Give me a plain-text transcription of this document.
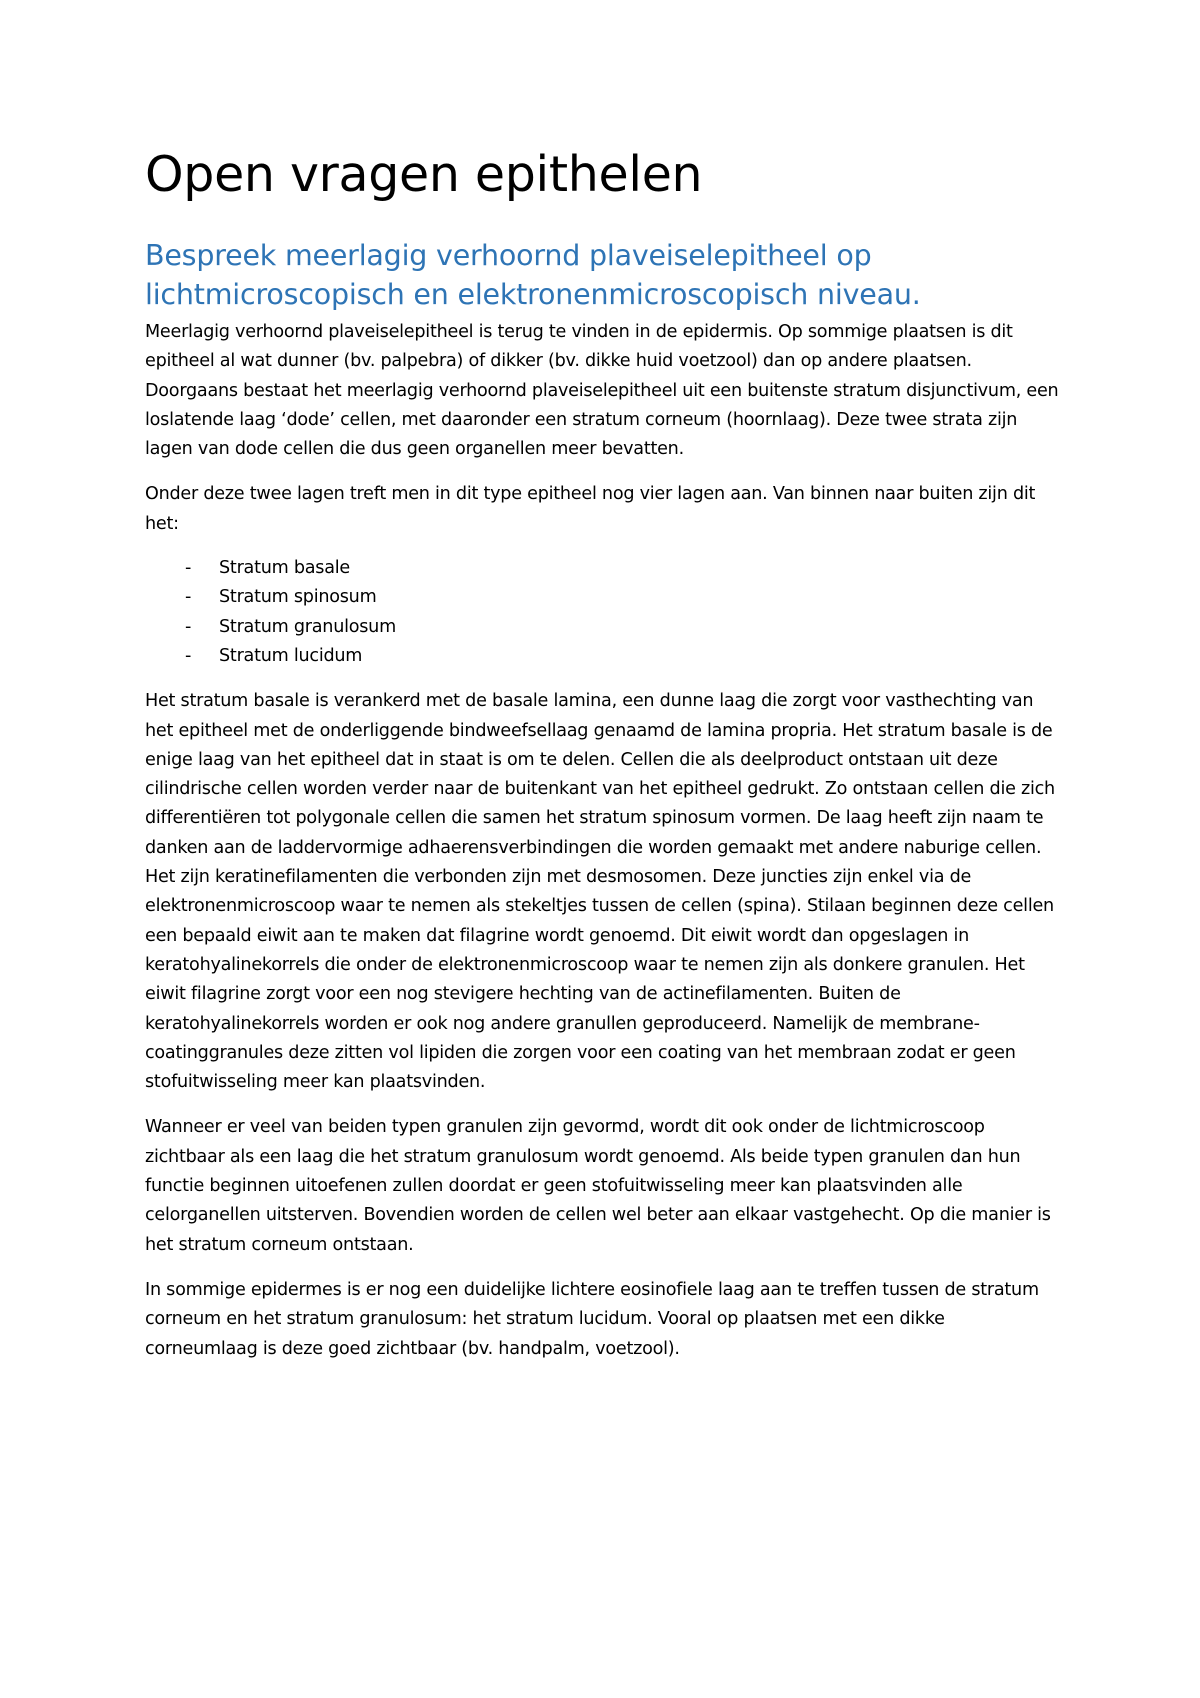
Open vragen epithelen
Bespreek meerlagig verhoornd plaveiselepitheel op lichtmicroscopisch en elektronenmicroscopisch niveau.

Meerlagig verhoornd plaveiselepitheel is terug te vinden in de epidermis. Op sommige plaatsen is dit epitheel al wat dunner (bv. palpebra) of dikker (bv. dikke huid voetzool) dan op andere plaatsen. Doorgaans bestaat het meerlagig verhoornd plaveiselepitheel uit een buitenste stratum disjunctivum, een loslatende laag ‘dode’ cellen, met daaronder een stratum corneum (hoornlaag). Deze twee strata zijn lagen van dode cellen die dus geen organellen meer bevatten.

Onder deze twee lagen treft men in dit type epitheel nog vier lagen aan. Van binnen naar buiten zijn dit het:

- Stratum basale
- Stratum spinosum
- Stratum granulosum
- Stratum lucidum

Het stratum basale is verankerd met de basale lamina, een dunne laag die zorgt voor vasthechting van het epitheel met de onderliggende bindweefsellaag genaamd de lamina propria. Het stratum basale is de enige laag van het epitheel dat in staat is om te delen. Cellen die als deelproduct ontstaan uit deze cilindrische cellen worden verder naar de buitenkant van het epitheel gedrukt. Zo ontstaan cellen die zich differentiëren tot polygonale cellen die samen het stratum spinosum vormen. De laag heeft zijn naam te danken aan de laddervormige adhaerensverbindingen die worden gemaakt met andere naburige cellen. Het zijn keratinefilamenten die verbonden zijn met desmosomen. Deze juncties zijn enkel via de elektronenmicroscoop waar te nemen als stekeltjes tussen de cellen (spina). Stilaan beginnen deze cellen een bepaald eiwit aan te maken dat filagrine wordt genoemd. Dit eiwit wordt dan opgeslagen in keratohyalinekorrels die onder de elektronenmicroscoop waar te nemen zijn als donkere granulen. Het eiwit filagrine zorgt voor een nog stevigere hechting van de actinefilamenten. Buiten de keratohyalinekorrels worden er ook nog andere granullen geproduceerd. Namelijk de membrane-coatinggranules deze zitten vol lipiden die zorgen voor een coating van het membraan zodat er geen stofuitwisseling meer kan plaatsvinden.

Wanneer er veel van beiden typen granulen zijn gevormd, wordt dit ook onder de lichtmicroscoop zichtbaar als een laag die het stratum granulosum wordt genoemd. Als beide typen granulen dan hun functie beginnen uitoefenen zullen doordat er geen stofuitwisseling meer kan plaatsvinden alle celorganellen uitsterven. Bovendien worden de cellen wel beter aan elkaar vastgehecht. Op die manier is het stratum corneum ontstaan.

In sommige epidermes is er nog een duidelijke lichtere eosinofiele laag aan te treffen tussen de stratum corneum en het stratum granulosum: het stratum lucidum. Vooral op plaatsen met een dikke corneumlaag is deze goed zichtbaar (bv. handpalm, voetzool).
